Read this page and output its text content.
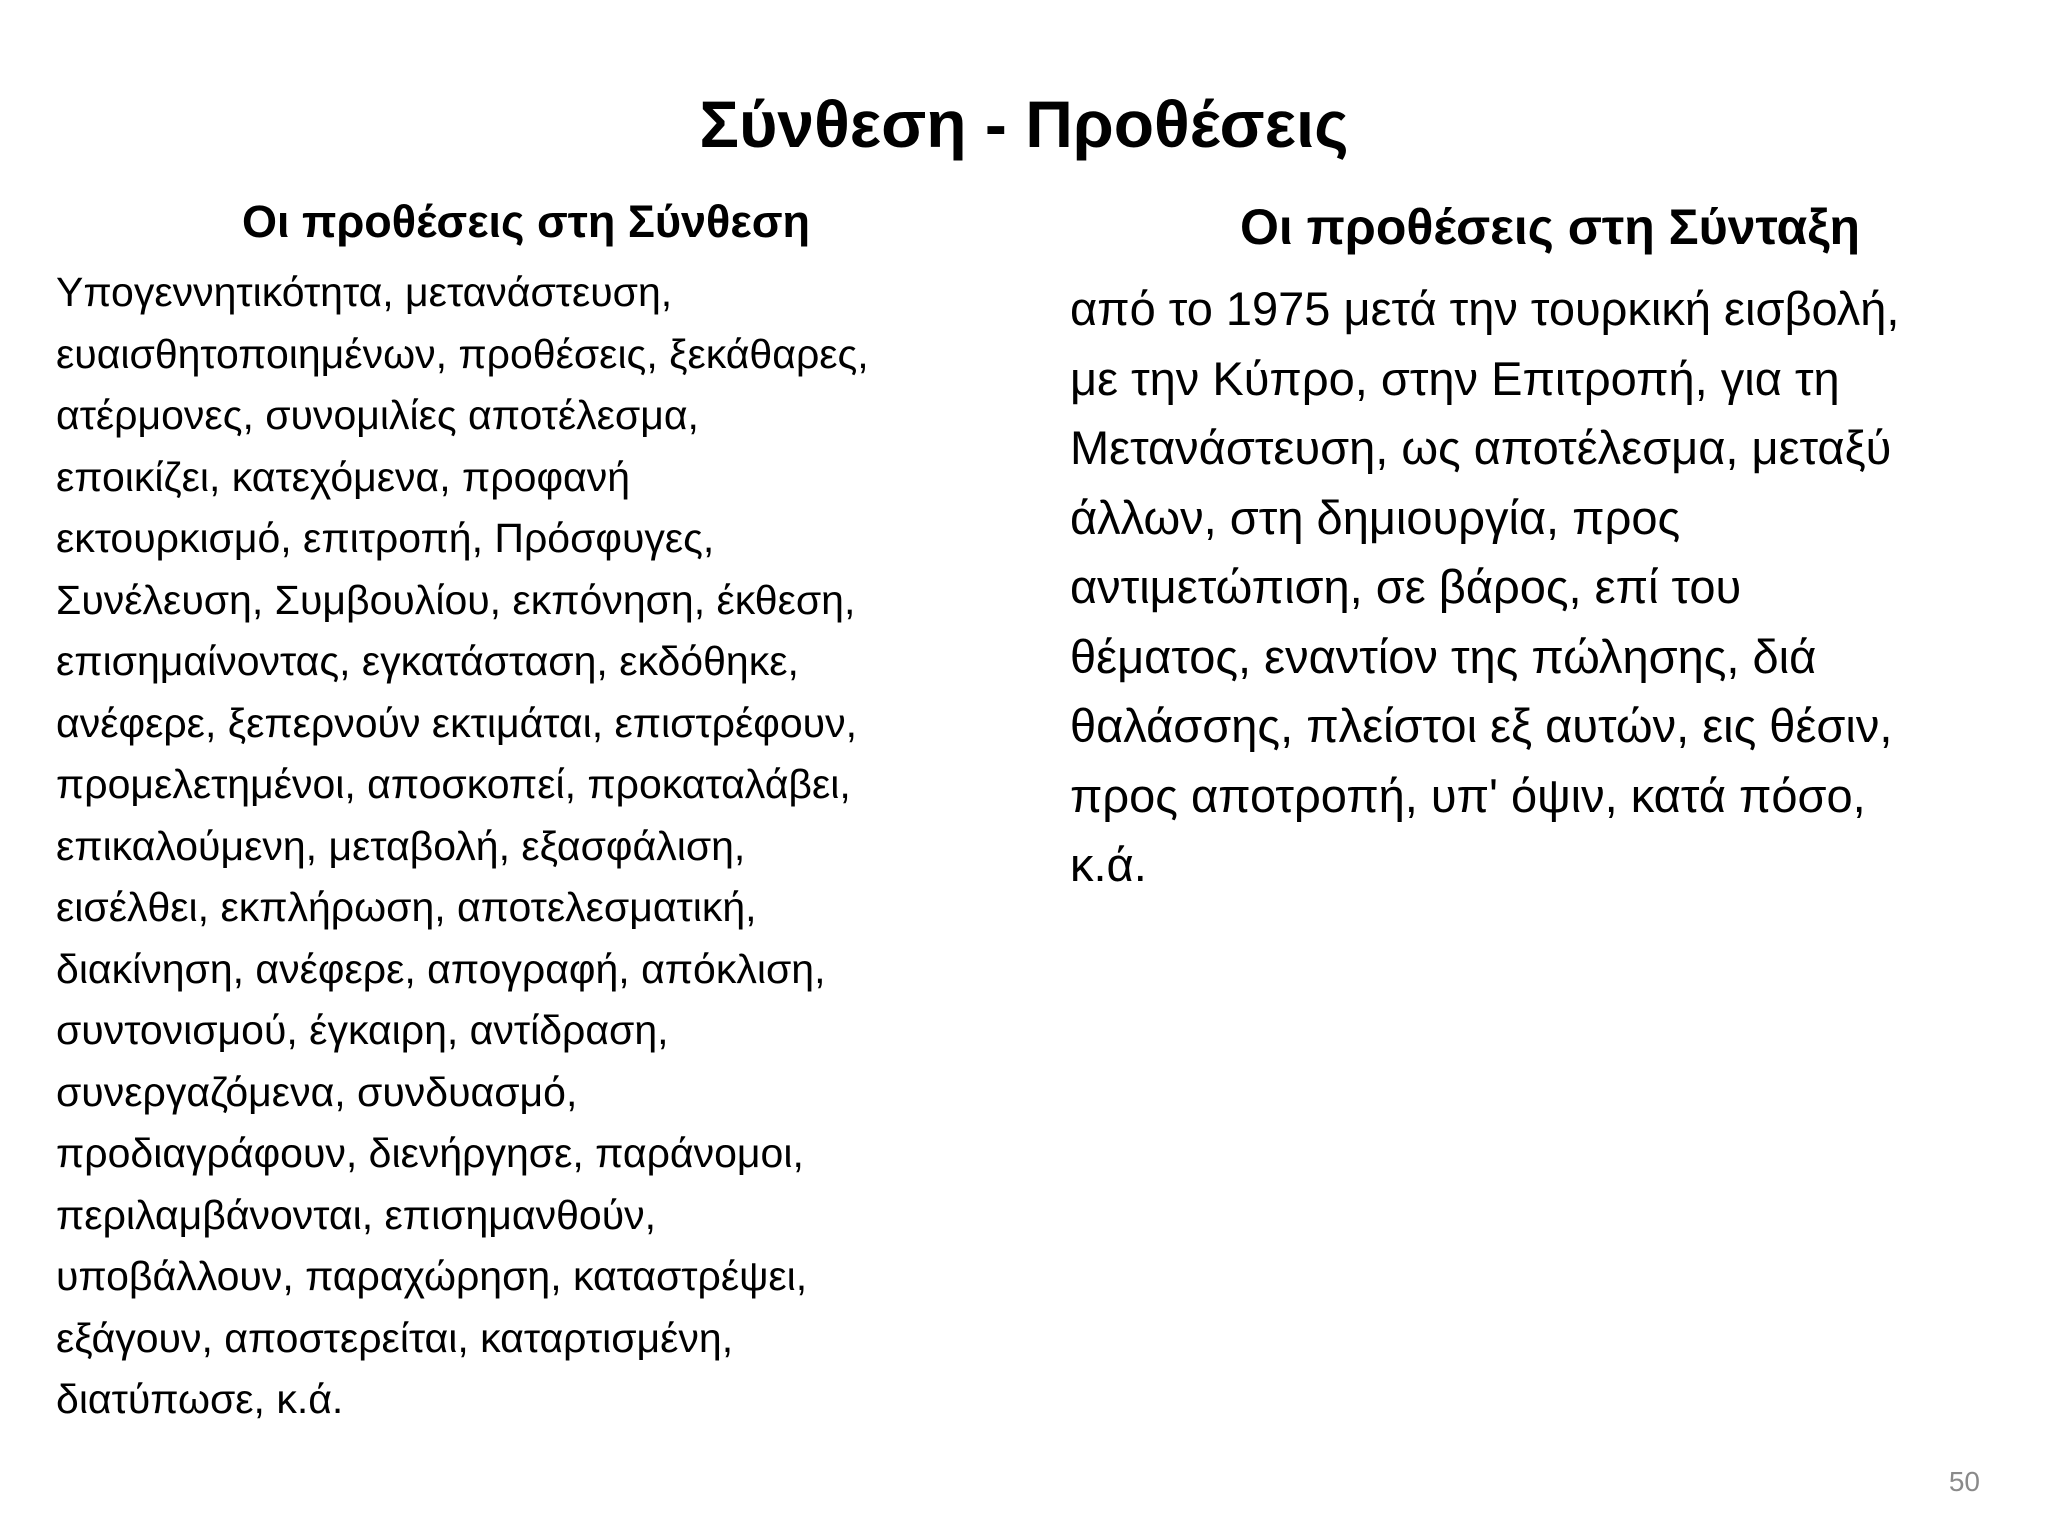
Σύνθεση - Προθέσεις
Οι προθέσεις στη Σύνθεση

Υπογεννητικότητα, μετανάστευση,
ευαισθητοποιημένων, προθέσεις, ξεκάθαρες,
ατέρμονες, συνομιλίες αποτέλεσμα,
εποικίζει, κατεχόμενα, προφανή
εκτουρκισμό, επιτροπή, Πρόσφυγες,
Συνέλευση, Συμβουλίου, εκπόνηση, έκθεση,
επισημαίνοντας, εγκατάσταση, εκδόθηκε,
ανέφερε, ξεπερνούν εκτιμάται, επιστρέφουν,
προμελετημένοι, αποσκοπεί, προκαταλάβει,
επικαλούμενη, μεταβολή, εξασφάλιση,
εισέλθει, εκπλήρωση, αποτελεσματική,
διακίνηση, ανέφερε, απογραφή, απόκλιση,
συντονισμού, έγκαιρη, αντίδραση,
συνεργαζόμενα, συνδυασμό,
προδιαγράφουν, διενήργησε, παράνομοι,
περιλαμβάνονται, επισημανθούν,
υποβάλλουν, παραχώρηση, καταστρέψει,
εξάγουν, αποστερείται, καταρτισμένη,
διατύπωσε, κ.ά.

Οι προθέσεις στη Σύνταξη

από το 1975 μετά την τουρκική εισβολή,
με την Κύπρο, στην Επιτροπή, για τη
Μετανάστευση, ως αποτέλεσμα, μεταξύ
άλλων, στη δημιουργία, προς
αντιμετώπιση, σε βάρος, επί του
θέματος, εναντίον της πώλησης, διά
θαλάσσης, πλείστοι εξ αυτών, εις θέσιν,
προς αποτροπή, υπ' όψιν, κατά πόσο,
κ.ά.

50
